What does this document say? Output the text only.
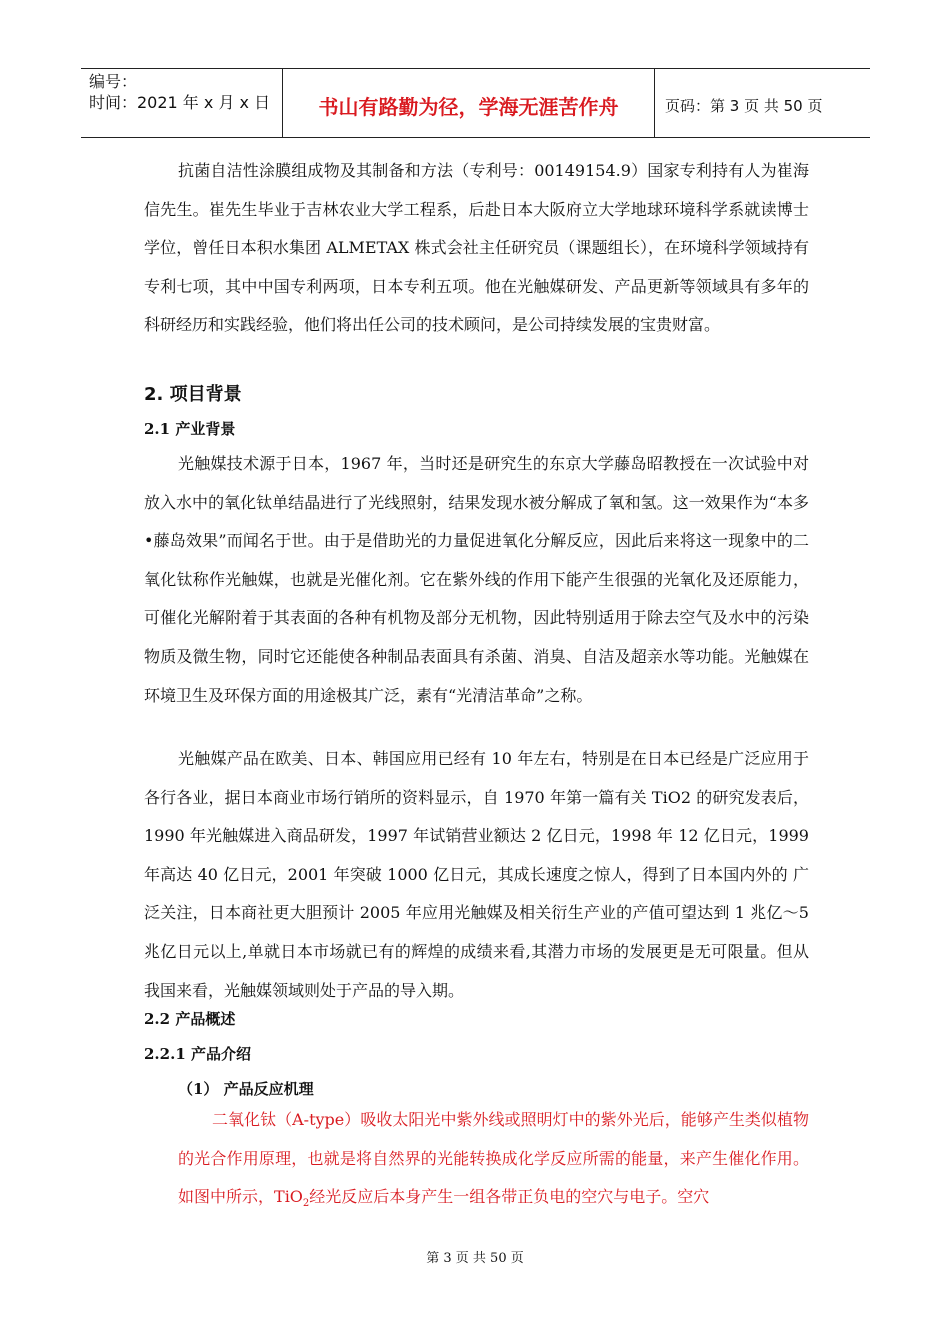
编号：
时间：2021 年 x 月 x 日	书山有路勤为径，学海无涯苦作舟	页码：第 3 页 共 50 页

抗菌自洁性涂膜组成物及其制备和方法（专利号：00149154.9）国家专利持有人为崔海信先生。崔先生毕业于吉林农业大学工程系，后赴日本大阪府立大学地球环境科学系就读博士学位，曾任日本积水集团 ALMETAX 株式会社主任研究员（课题组长），在环境科学领域持有专利七项，其中中国专利两项，日本专利五项。他在光触媒研发、产品更新等领域具有多年的科研经历和实践经验，他们将出任公司的技术顾问，是公司持续发展的宝贵财富。

2. 项目背景
2.1 产业背景

光触媒技术源于日本，1967 年，当时还是研究生的东京大学藤岛昭教授在一次试验中对放入水中的氧化钛单结晶进行了光线照射，结果发现水被分解成了氧和氢。这一效果作为“本多•藤岛效果”而闻名于世。由于是借助光的力量促进氧化分解反应，因此后来将这一现象中的二氧化钛称作光触媒，也就是光催化剂。它在紫外线的作用下能产生很强的光氧化及还原能力，可催化光解附着于其表面的各种有机物及部分无机物，因此特别适用于除去空气及水中的污染物质及微生物，同时它还能使各种制品表面具有杀菌、消臭、自洁及超亲水等功能。光触媒在环境卫生及环保方面的用途极其广泛，素有“光清洁革命”之称。

光触媒产品在欧美、日本、韩国应用已经有 10 年左右，特别是在日本已经是广泛应用于各行各业，据日本商业市场行销所的资料显示，自 1970 年第一篇有关 TiO2 的研究发表后，1990 年光触媒进入商品研发，1997 年试销营业额达 2 亿日元，1998 年 12 亿日元，1999 年高达 40 亿日元，2001 年突破 1000 亿日元，其成长速度之惊人，得到了日本国内外的 广泛关注，日本商社更大胆预计 2005 年应用光触媒及相关衍生产业的产值可望达到 1 兆亿～5 兆亿日元以上,单就日本市场就已有的辉煌的成绩来看,其潜力市场的发展更是无可限量。但从我国来看，光触媒领域则处于产品的导入期。

2.2 产品概述
2.2.1 产品介绍
（1） 产品反应机理

二氧化钛（A-type）吸收太阳光中紫外线或照明灯中的紫外光后，能够产生类似植物的光合作用原理，也就是将自然界的光能转换成化学反应所需的能量，来产生催化作用。如图中所示，TiO$_2$经光反应后本身产生一组各带正负电的空穴与电子。空穴

第 3 页 共 50 页
